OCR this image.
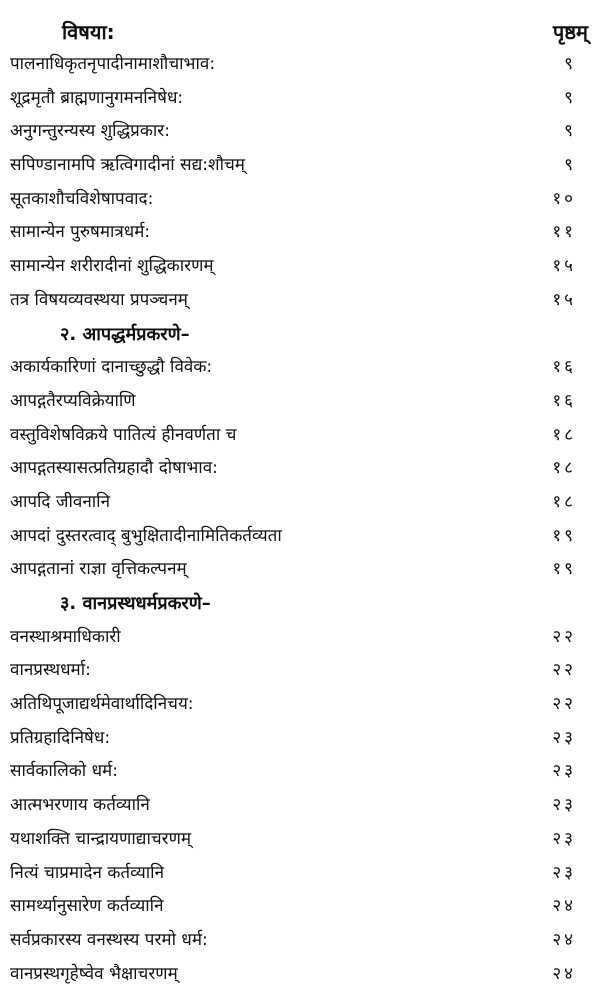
विषया:	पृष्ठम्
पालनाधिकृतनृपादीनामाशौचाभाव:	९
शूद्रमृतौ ब्राह्मणानुगमननिषेध:	९
अनुगन्तुरन्यस्य शुद्धिप्रकार:	९
सपिण्डानामपि ऋत्विगादीनां सद्य:शौचम्	९
सूतकाशौचविशेषापवाद:	१०
सामान्येन पुरुषमात्रधर्म:	११
सामान्येन शरीरादीनां शुद्धिकारणम्	१५
तत्र विषयव्यवस्थया प्रपञ्चनम्	१५
२. आपद्धर्मप्रकरणे–
अकार्यकारिणां दानाच्छुद्धौ विवेक:	१६
आपद्गतैरप्यविक्रेयाणि	१६
वस्तुविशेषविक्रये पातित्यं हीनवर्णता च	१८
आपद्गतस्यासत्प्रतिग्रहादौ दोषाभाव:	१८
आपदि जीवनानि	१८
आपदां दुस्तरत्वाद् बुभुक्षितादीनामितिकर्तव्यता	१९
आपद्गतानां राज्ञा वृत्तिकल्पनम्	१९
३. वानप्रस्थधर्मप्रकरणे–
वनस्थाश्रमाधिकारी	२२
वानप्रस्थधर्मा:	२२
अतिथिपूजाद्यर्थमेवार्थादिनिचय:	२२
प्रतिग्रहादिनिषेध:	२३
सार्वकालिको धर्म:	२३
आत्मभरणाय कर्तव्यानि	२३
यथाशक्ति चान्द्रायणाद्याचरणम्	२३
नित्यं चाप्रमादेन कर्तव्यानि	२३
सामर्थ्यानुसारेण कर्तव्यानि	२४
सर्वप्रकारस्य वनस्थस्य परमो धर्म:	२४
वानप्रस्थगृहेष्वेव भैक्षाचरणम्	२४
